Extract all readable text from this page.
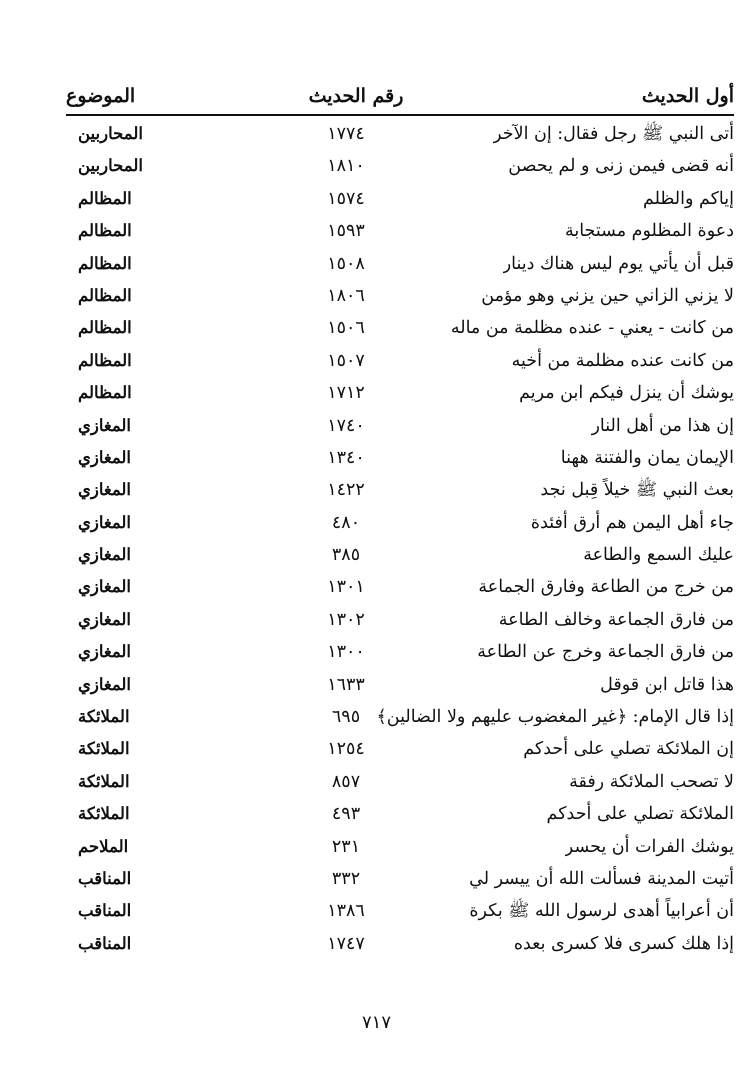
أول الحديث
رقم الحديث
الموضوع
أتى النبي ﷺ رجل فقال: إن الآخر
١٧٧٤
المحاربين
أنه قضى فيمن زنى و لم يحصن
١٨١٠
المحاربين
إياكم والظلم
١٥٧٤
المظالم
دعوة المظلوم مستجابة
١٥٩٣
المظالم
قبل أن يأتي يوم ليس هناك دينار
١٥٠٨
المظالم
لا يزني الزاني حين يزني وهو مؤمن
١٨٠٦
المظالم
من كانت - يعني - عنده مظلمة من ماله
١٥٠٦
المظالم
من كانت عنده مظلمة من أخيه
١٥٠٧
المظالم
يوشك أن ينزل فيكم ابن مريم
١٧١٢
المظالم
إن هذا من أهل النار
١٧٤٠
المغازي
الإيمان يمان والفتنة ههنا
١٣٤٠
المغازي
بعث النبي ﷺ خيلاً قِبل نجد
١٤٢٢
المغازي
جاء أهل اليمن هم أرق أفئدة
٤٨٠
المغازي
عليك السمع والطاعة
٣٨٥
المغازي
من خرج من الطاعة وفارق الجماعة
١٣٠١
المغازي
من فارق الجماعة وخالف الطاعة
١٣٠٢
المغازي
من فارق الجماعة وخرج عن الطاعة
١٣٠٠
المغازي
هذا قاتل ابن قوقل
١٦٣٣
المغازي
إذا قال الإمام: ﴿غير المغضوب عليهم ولا الضالين﴾
٦٩٥
الملائكة
إن الملائكة تصلي على أحدكم
١٢٥٤
الملائكة
لا تصحب الملائكة رفقة
٨٥٧
الملائكة
الملائكة تصلي على أحدكم
٤٩٣
الملائكة
يوشك الفرات أن يحسر
٢٣١
الملاحم
أتيت المدينة فسألت الله أن ييسر لي
٣٣٢
المناقب
أن أعرابياً أهدى لرسول الله ﷺ بكرة
١٣٨٦
المناقب
إذا هلك كسرى فلا كسرى بعده
١٧٤٧
المناقب
٧١٧
